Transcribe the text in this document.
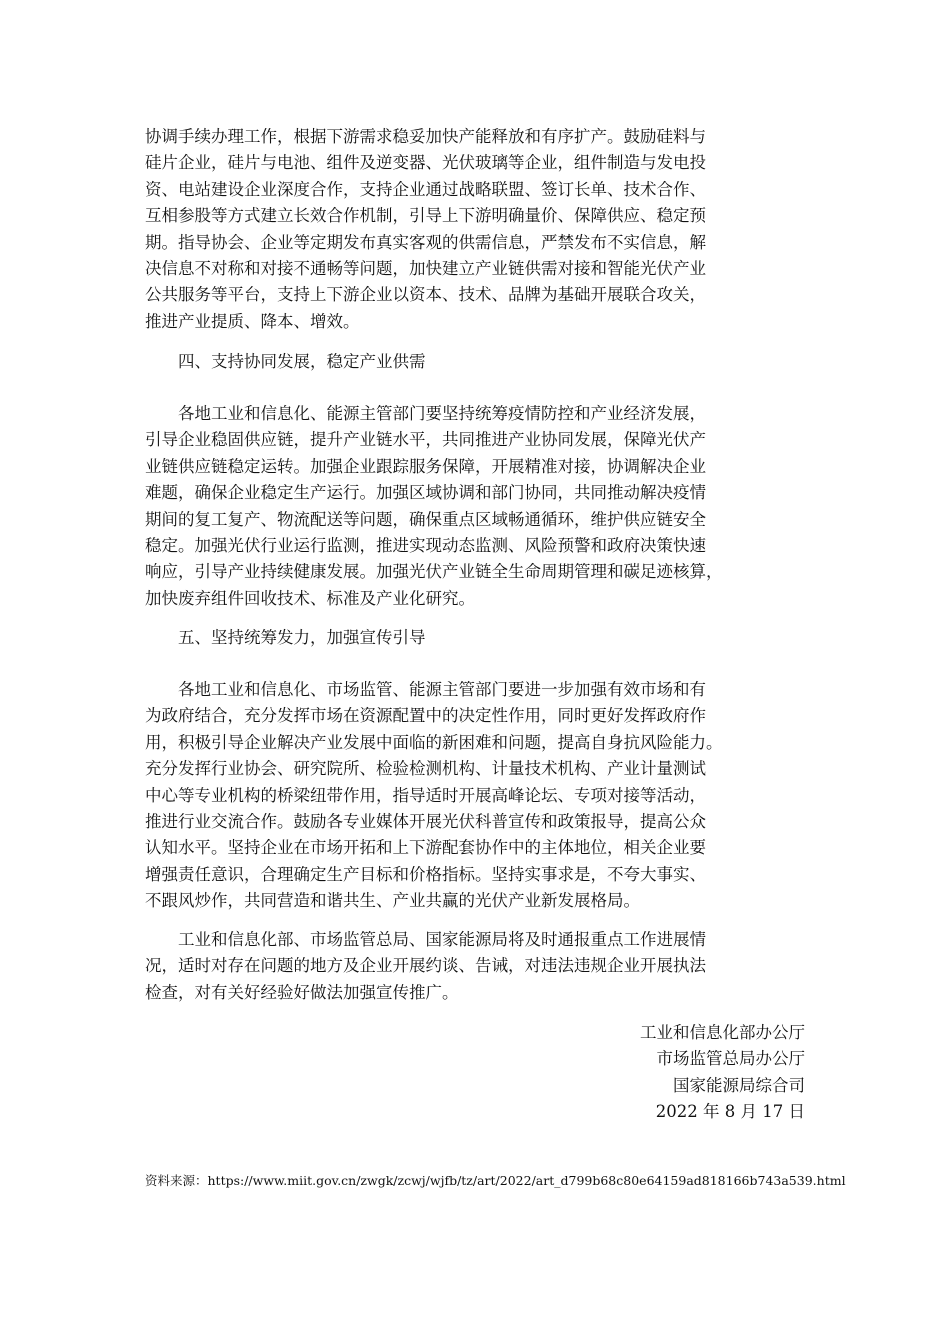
协调手续办理工作，根据下游需求稳妥加快产能释放和有序扩产。鼓励硅料与
硅片企业，硅片与电池、组件及逆变器、光伏玻璃等企业，组件制造与发电投
资、电站建设企业深度合作，支持企业通过战略联盟、签订长单、技术合作、
互相参股等方式建立长效合作机制，引导上下游明确量价、保障供应、稳定预
期。指导协会、企业等定期发布真实客观的供需信息，严禁发布不实信息，解
决信息不对称和对接不通畅等问题，加快建立产业链供需对接和智能光伏产业
公共服务等平台，支持上下游企业以资本、技术、品牌为基础开展联合攻关，
推进产业提质、降本、增效。

四、支持协同发展，稳定产业供需

　　各地工业和信息化、能源主管部门要坚持统筹疫情防控和产业经济发展，
引导企业稳固供应链，提升产业链水平，共同推进产业协同发展，保障光伏产
业链供应链稳定运转。加强企业跟踪服务保障，开展精准对接，协调解决企业
难题，确保企业稳定生产运行。加强区域协调和部门协同，共同推动解决疫情
期间的复工复产、物流配送等问题，确保重点区域畅通循环，维护供应链安全
稳定。加强光伏行业运行监测，推进实现动态监测、风险预警和政府决策快速
响应，引导产业持续健康发展。加强光伏产业链全生命周期管理和碳足迹核算，
加快废弃组件回收技术、标准及产业化研究。

五、坚持统筹发力，加强宣传引导

　　各地工业和信息化、市场监管、能源主管部门要进一步加强有效市场和有
为政府结合，充分发挥市场在资源配置中的决定性作用，同时更好发挥政府作
用，积极引导企业解决产业发展中面临的新困难和问题，提高自身抗风险能力。
充分发挥行业协会、研究院所、检验检测机构、计量技术机构、产业计量测试
中心等专业机构的桥梁纽带作用，指导适时开展高峰论坛、专项对接等活动，
推进行业交流合作。鼓励各专业媒体开展光伏科普宣传和政策报导，提高公众
认知水平。坚持企业在市场开拓和上下游配套协作中的主体地位，相关企业要
增强责任意识，合理确定生产目标和价格指标。坚持实事求是，不夸大事实、
不跟风炒作，共同营造和谐共生、产业共赢的光伏产业新发展格局。

　　工业和信息化部、市场监管总局、国家能源局将及时通报重点工作进展情
况，适时对存在问题的地方及企业开展约谈、告诫，对违法违规企业开展执法
检查，对有关好经验好做法加强宣传推广。

工业和信息化部办公厅
市场监管总局办公厅
国家能源局综合司
2022 年 8 月 17 日
资料来源：https://www.miit.gov.cn/zwgk/zcwj/wjfb/tz/art/2022/art_d799b68c80e64159ad818166b743a539.html
